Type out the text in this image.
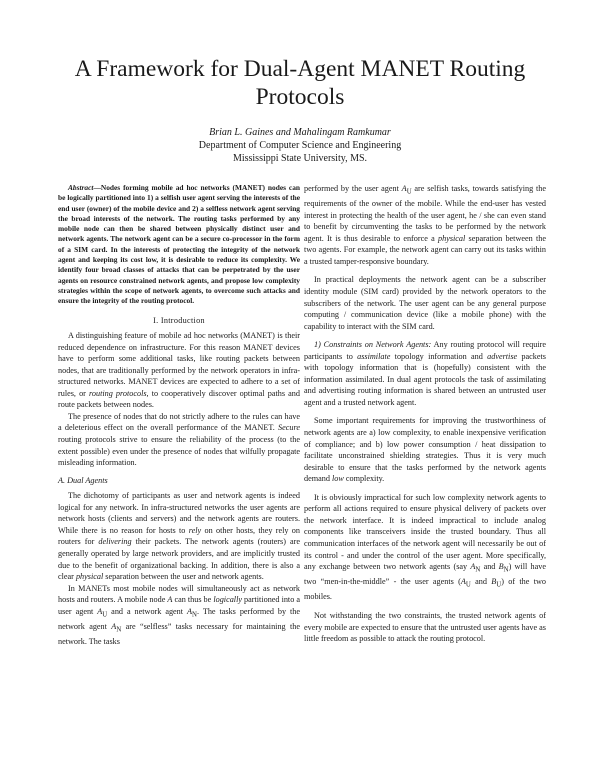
A Framework for Dual-Agent MANET Routing Protocols
Brian L. Gaines and Mahalingam Ramkumar
Department of Computer Science and Engineering
Mississippi State University, MS.

Abstract—Nodes forming mobile ad hoc networks (MANET) nodes can be logically partitioned into 1) a selfish user agent serving the interests of the end user (owner) of the mobile device and 2) a selfless network agent serving the broad interests of the network. The routing tasks performed by any mobile node can then be shared between physically distinct user and network agents. The network agent can be a secure co-processor in the form of a SIM card. In the interests of protecting the integrity of the network agent and keeping its cost low, it is desirable to reduce its complexity. We identify four broad classes of attacks that can be perpetrated by the user agents on resource constrained network agents, and propose low complexity strategies within the scope of network agents, to overcome such attacks and ensure the integrity of the routing protocol.

I. Introduction

A distinguishing feature of mobile ad hoc networks (MANET) is their reduced dependence on infrastructure. For this reason MANET devices have to perform some additional tasks, like routing packets between nodes, that are traditionally performed by the network operators in infra-structured networks. MANET devices are expected to adhere to a set of rules, or routing protocols, to cooperatively discover optimal paths and route packets between nodes.

The presence of nodes that do not strictly adhere to the rules can have a deleterious effect on the overall performance of the MANET. Secure routing protocols strive to ensure the reliability of the process (to the extent possible) even under the presence of nodes that wilfully propagate misleading information.

A. Dual Agents

The dichotomy of participants as user and network agents is indeed logical for any network. In infra-structured networks the user agents are network hosts (clients and servers) and the network agents are routers. While there is no reason for hosts to rely on other hosts, they rely on routers for delivering their packets. The network agents (routers) are generally operated by large network providers, and are implicitly trusted due to the benefit of organizational backing. In addition, there is also a clear physical separation between the user and network agents.

In MANETs most mobile nodes will simultaneously act as network hosts and routers. A mobile node A can thus be logically partitioned into a user agent $A_U$ and a network agent $A_N$. The tasks performed by the network agent $A_N$ are “selfless” tasks necessary for maintaining the network. The tasks

performed by the user agent $A_U$ are selfish tasks, towards satisfying the requirements of the owner of the mobile. While the end-user has vested interest in protecting the health of the user agent, he / she can even stand to benefit by circumventing the tasks to be performed by the network agent. It is thus desirable to enforce a physical separation between the two agents. For example, the network agent can carry out its tasks within a trusted tamper-responsive boundary.

In practical deployments the network agent can be a subscriber identity module (SIM card) provided by the network operators to the subscribers of the network. The user agent can be any general purpose computing / communication device (like a mobile phone) with the capability to interact with the SIM card.

1) Constraints on Network Agents: Any routing protocol will require participants to assimilate topology information and advertise packets with topology information that is (hopefully) consistent with the information assimilated. In dual agent protocols the task of assimilating and advertising routing information is shared between an untrusted user agent and a trusted network agent.

Some important requirements for improving the trustworthiness of network agents are a) low complexity, to enable inexpensive verification of compliance; and b) low power consumption / heat dissipation to facilitate unconstrained shielding strategies. Thus it is very much desirable to ensure that the tasks performed by the network agents demand low complexity.

It is obviously impractical for such low complexity network agents to perform all actions required to ensure physical delivery of packets over the network interface. It is indeed impractical to include analog components like transceivers inside the trusted boundary. Thus all communication interfaces of the network agent will necessarily be out of its control - and under the control of the user agent. More specifically, any exchange between two network agents (say $A_N$ and $B_N$) will have two “men-in-the-middle” - the user agents ($A_U$ and $B_U$) of the two mobiles.

Not withstanding the two constraints, the trusted network agents of every mobile are expected to ensure that the untrusted user agents have as little freedom as possible to attack the routing protocol.
